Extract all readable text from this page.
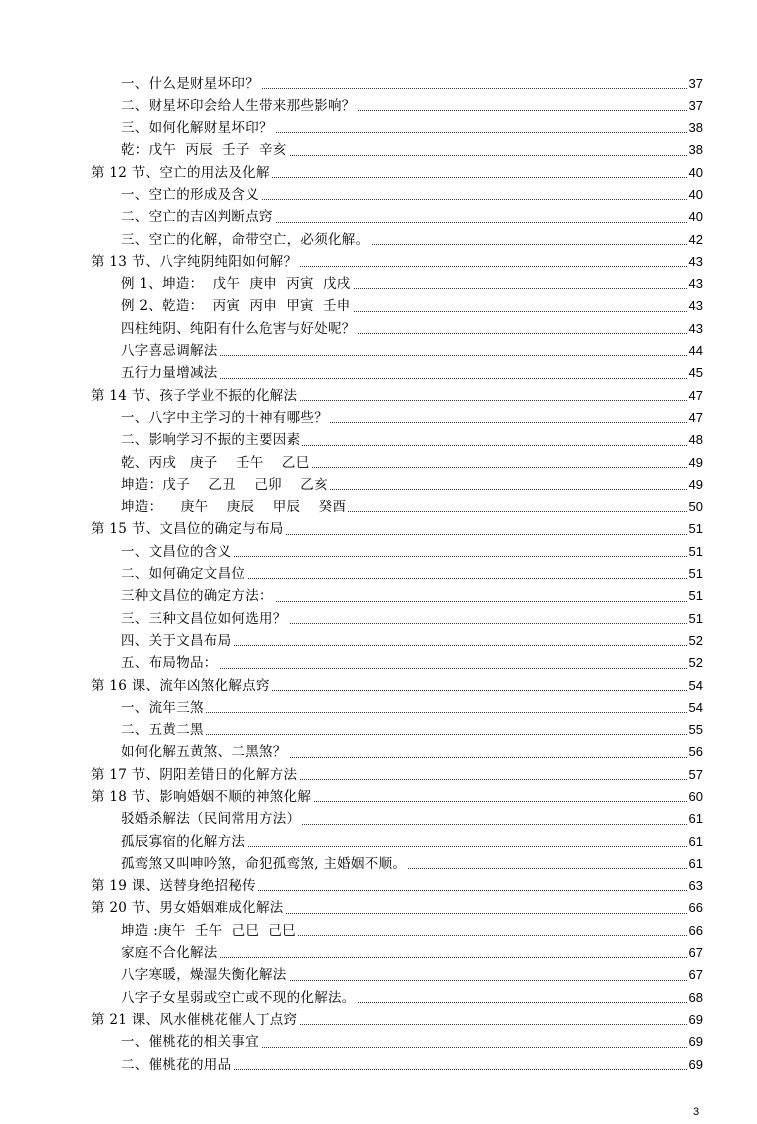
一、什么是财星坏印？	37
二、财星坏印会给人生带来那些影响？	37
三、如何化解财星坏印？	38
乾：戊午  丙辰  壬子  辛亥	38
第 12 节、空亡的用法及化解	40
一、空亡的形成及含义	40
二、空亡的吉凶判断点窍	40
三、空亡的化解，命带空亡，必须化解。	42
第 13 节、八字纯阴纯阳如何解？	43
例 1、坤造：  戊午  庚申  丙寅  戊戌	43
例 2、乾造：  丙寅  丙申  甲寅  壬申	43
四柱纯阴、纯阳有什么危害与好处呢？	43
八字喜忌调解法	44
五行力量增减法	45
第 14 节、孩子学业不振的化解法	47
一、八字中主学习的十神有哪些？	47
二、影响学习不振的主要因素	48
乾、丙戌   庚子    壬午    乙巳	49
坤造：戊子    乙丑    己卯    乙亥	49
坤造：    庚午    庚辰    甲辰    癸酉	50
第 15 节、文昌位的确定与布局	51
一、文昌位的含义	51
二、如何确定文昌位	51
三种文昌位的确定方法：	51
三、三种文昌位如何选用？	51
四、关于文昌布局	52
五、布局物品：	52
第 16 课、流年凶煞化解点窍	54
一、流年三煞	54
二、五黄二黑	55
如何化解五黄煞、二黑煞？	56
第 17 节、阴阳差错日的化解方法	57
第 18 节、影响婚姻不顺的神煞化解	60
驳婚杀解法（民间常用方法）	61
孤辰寡宿的化解方法	61
孤鸾煞又叫呻吟煞，命犯孤鸾煞, 主婚姻不顺。	61
第 19 课、送替身绝招秘传	63
第 20 节、男女婚姻难成化解法	66
坤造 :庚午  壬午  己巳  己巳	66
家庭不合化解法	67
八字寒暖，燥湿失衡化解法	67
八字子女星弱或空亡或不现的化解法。	68
第 21 课、风水催桃花催人丁点窍	69
一、催桃花的相关事宜	69
二、催桃花的用品	69
3
